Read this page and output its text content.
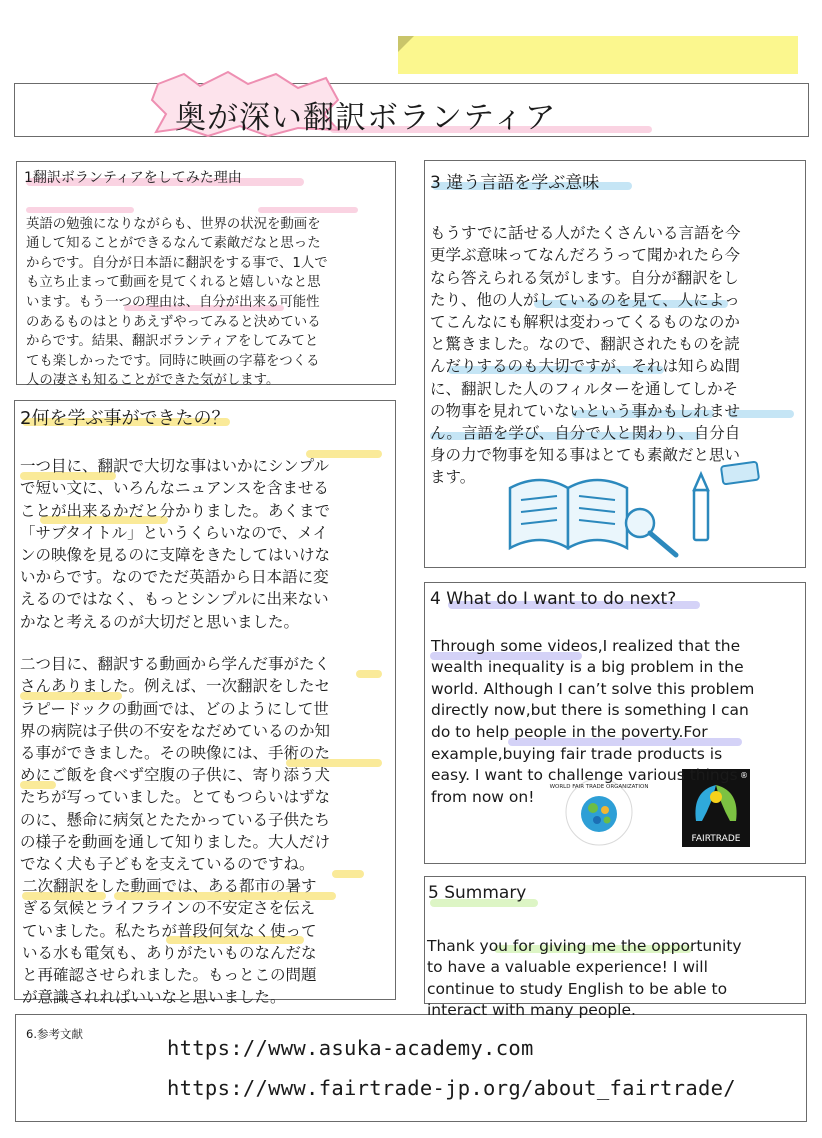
奥が深い翻訳ボランティア
1翻訳ボランティアをしてみた理由

英語の勉強になりながらも、世界の状況を動画を
通して知ることができるなんて素敵だなと思った
からです。自分が日本語に翻訳をする事で、1人で
も立ち止まって動画を見てくれると嬉しいなと思
います。もう一つの理由は、自分が出来る可能性
のあるものはとりあえずやってみると決めている
からです。結果、翻訳ボランティアをしてみてと
ても楽しかったです。同時に映画の字幕をつくる
人の凄さも知ることができた気がします。
2何を学ぶ事ができたの？

一つ目に、翻訳で大切な事はいかにシンプル
で短い文に、いろんなニュアンスを含ませる
ことが出来るかだと分かりました。あくまで
「サブタイトル」というくらいなので、メイ
ンの映像を見るのに支障をきたしてはいけな
いからです。なのでただ英語から日本語に変
えるのではなく、もっとシンプルに出来ない
かなと考えるのが大切だと思いました。

二つ目に、翻訳する動画から学んだ事がたく
さんありました。例えば、一次翻訳をしたセ
ラピードックの動画では、どのようにして世
界の病院は子供の不安をなだめているのか知
る事ができました。その映像には、手術のた
めにご飯を食べず空腹の子供に、寄り添う犬
たちが写っていました。とてもつらいはずな
のに、懸命に病気とたたかっている子供たち
の様子を動画を通して知りました。大人だけ
でなく犬も子どもを支えているのですね。

二次翻訳をした動画では、ある都市の暑す
ぎる気候とライフラインの不安定さを伝え
ていました。私たちが普段何気なく使って
いる水も電気も、ありがたいものなんだな
と再確認させられました。もっとこの問題
が意識されればいいなと思いました。
3 違う言語を学ぶ意味

もうすでに話せる人がたくさんいる言語を今
更学ぶ意味ってなんだろうって聞かれたら今
なら答えられる気がします。自分が翻訳をし
たり、他の人がしているのを見て、人によっ
てこんなにも解釈は変わってくるものなのか
と驚きました。なので、翻訳されたものを読
んだりするのも大切ですが、それは知らぬ間
に、翻訳した人のフィルターを通してしかそ
の物事を見れていないという事かもしれませ
ん。言語を学び、自分で人と関わり、自分自
身の力で物事を知る事はとても素敵だと思い
ます。
4 What do I want to do next?

Through some videos,I realized that the
wealth inequality is a big problem in the
world. Although I can’t solve this problem
directly now,but there is something I can
do to help people in the poverty.For
example,buying fair trade products is
easy. I want to challenge various things
from now on!
WORLD FAIR TRADE ORGANIZATION
FAIRTRADE
®
5 Summary

Thank you for giving me the opportunity
to have a valuable experience! I will
continue to study English to be able to
interact with many people.
6.参考文献
https://www.asuka-academy.com
https://www.fairtrade-jp.org/about_fairtrade/
